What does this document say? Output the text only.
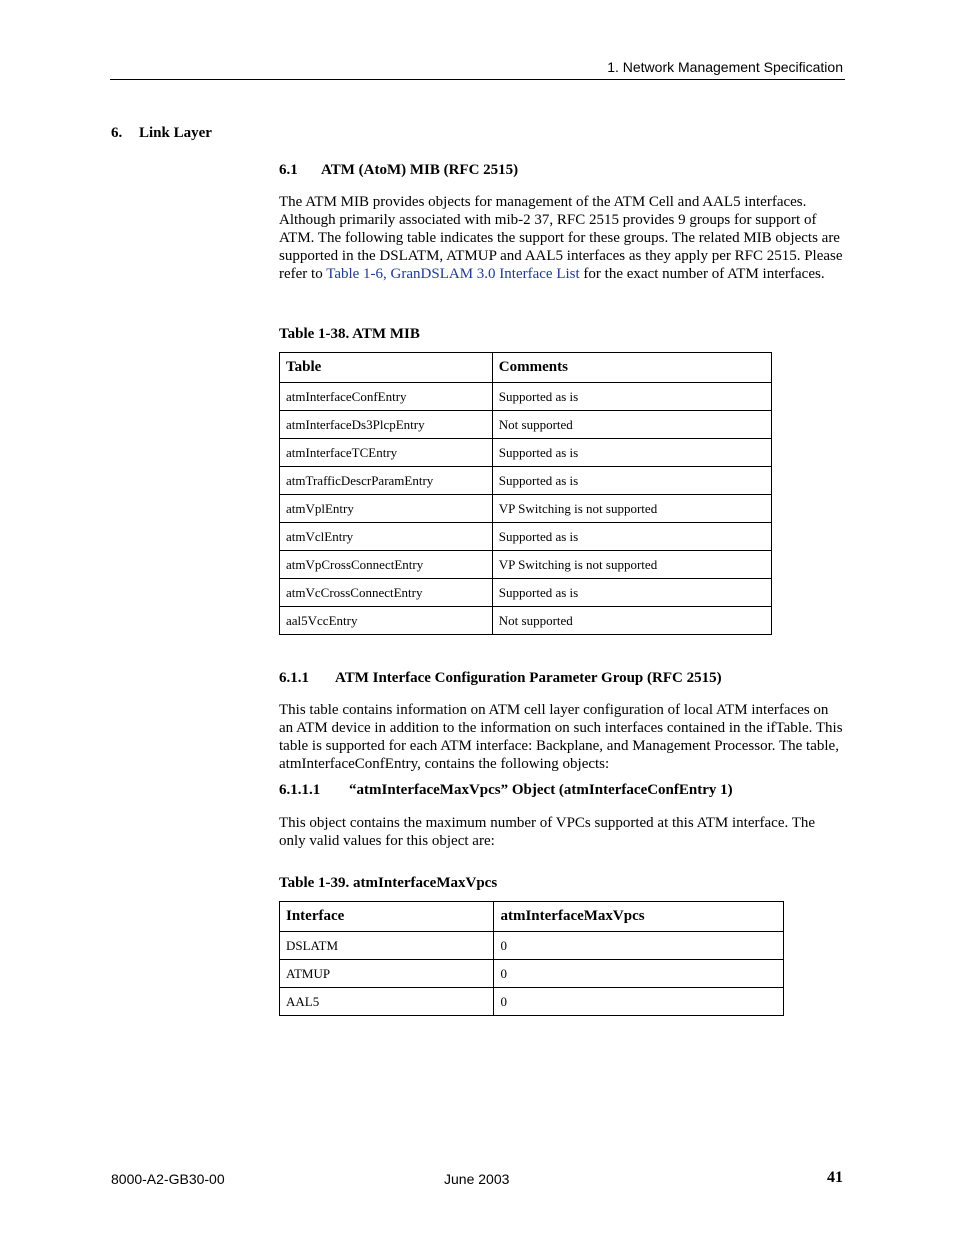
1. Network Management Specification
6. Link Layer
6.1 ATM (AtoM) MIB (RFC 2515)
The ATM MIB provides objects for management of the ATM Cell and AAL5 interfaces. Although primarily associated with mib-2 37, RFC 2515 provides 9 groups for support of ATM. The following table indicates the support for these groups. The related MIB objects are supported in the DSLATM, ATMUP and AAL5 interfaces as they apply per RFC 2515. Please refer to Table 1-6, GranDSLAM 3.0 Interface List for the exact number of ATM interfaces.
Table 1-38. ATM MIB
Table	Comments
atmInterfaceConfEntry	Supported as is
atmInterfaceDs3PlcpEntry	Not supported
atmInterfaceTCEntry	Supported as is
atmTrafficDescrParamEntry	Supported as is
atmVplEntry	VP Switching is not supported
atmVclEntry	Supported as is
atmVpCrossConnectEntry	VP Switching is not supported
atmVcCrossConnectEntry	Supported as is
aal5VccEntry	Not supported
6.1.1 ATM Interface Configuration Parameter Group (RFC 2515)
This table contains information on ATM cell layer configuration of local ATM interfaces on an ATM device in addition to the information on such interfaces contained in the ifTable. This table is supported for each ATM interface: Backplane, and Management Processor. The table, atmInterfaceConfEntry, contains the following objects:
6.1.1.1 “atmInterfaceMaxVpcs” Object (atmInterfaceConfEntry 1)
This object contains the maximum number of VPCs supported at this ATM interface. The only valid values for this object are:
Table 1-39. atmInterfaceMaxVpcs
Interface	atmInterfaceMaxVpcs
DSLATM	0
ATMUP	0
AAL5	0
8000-A2-GB30-00	June 2003	41
